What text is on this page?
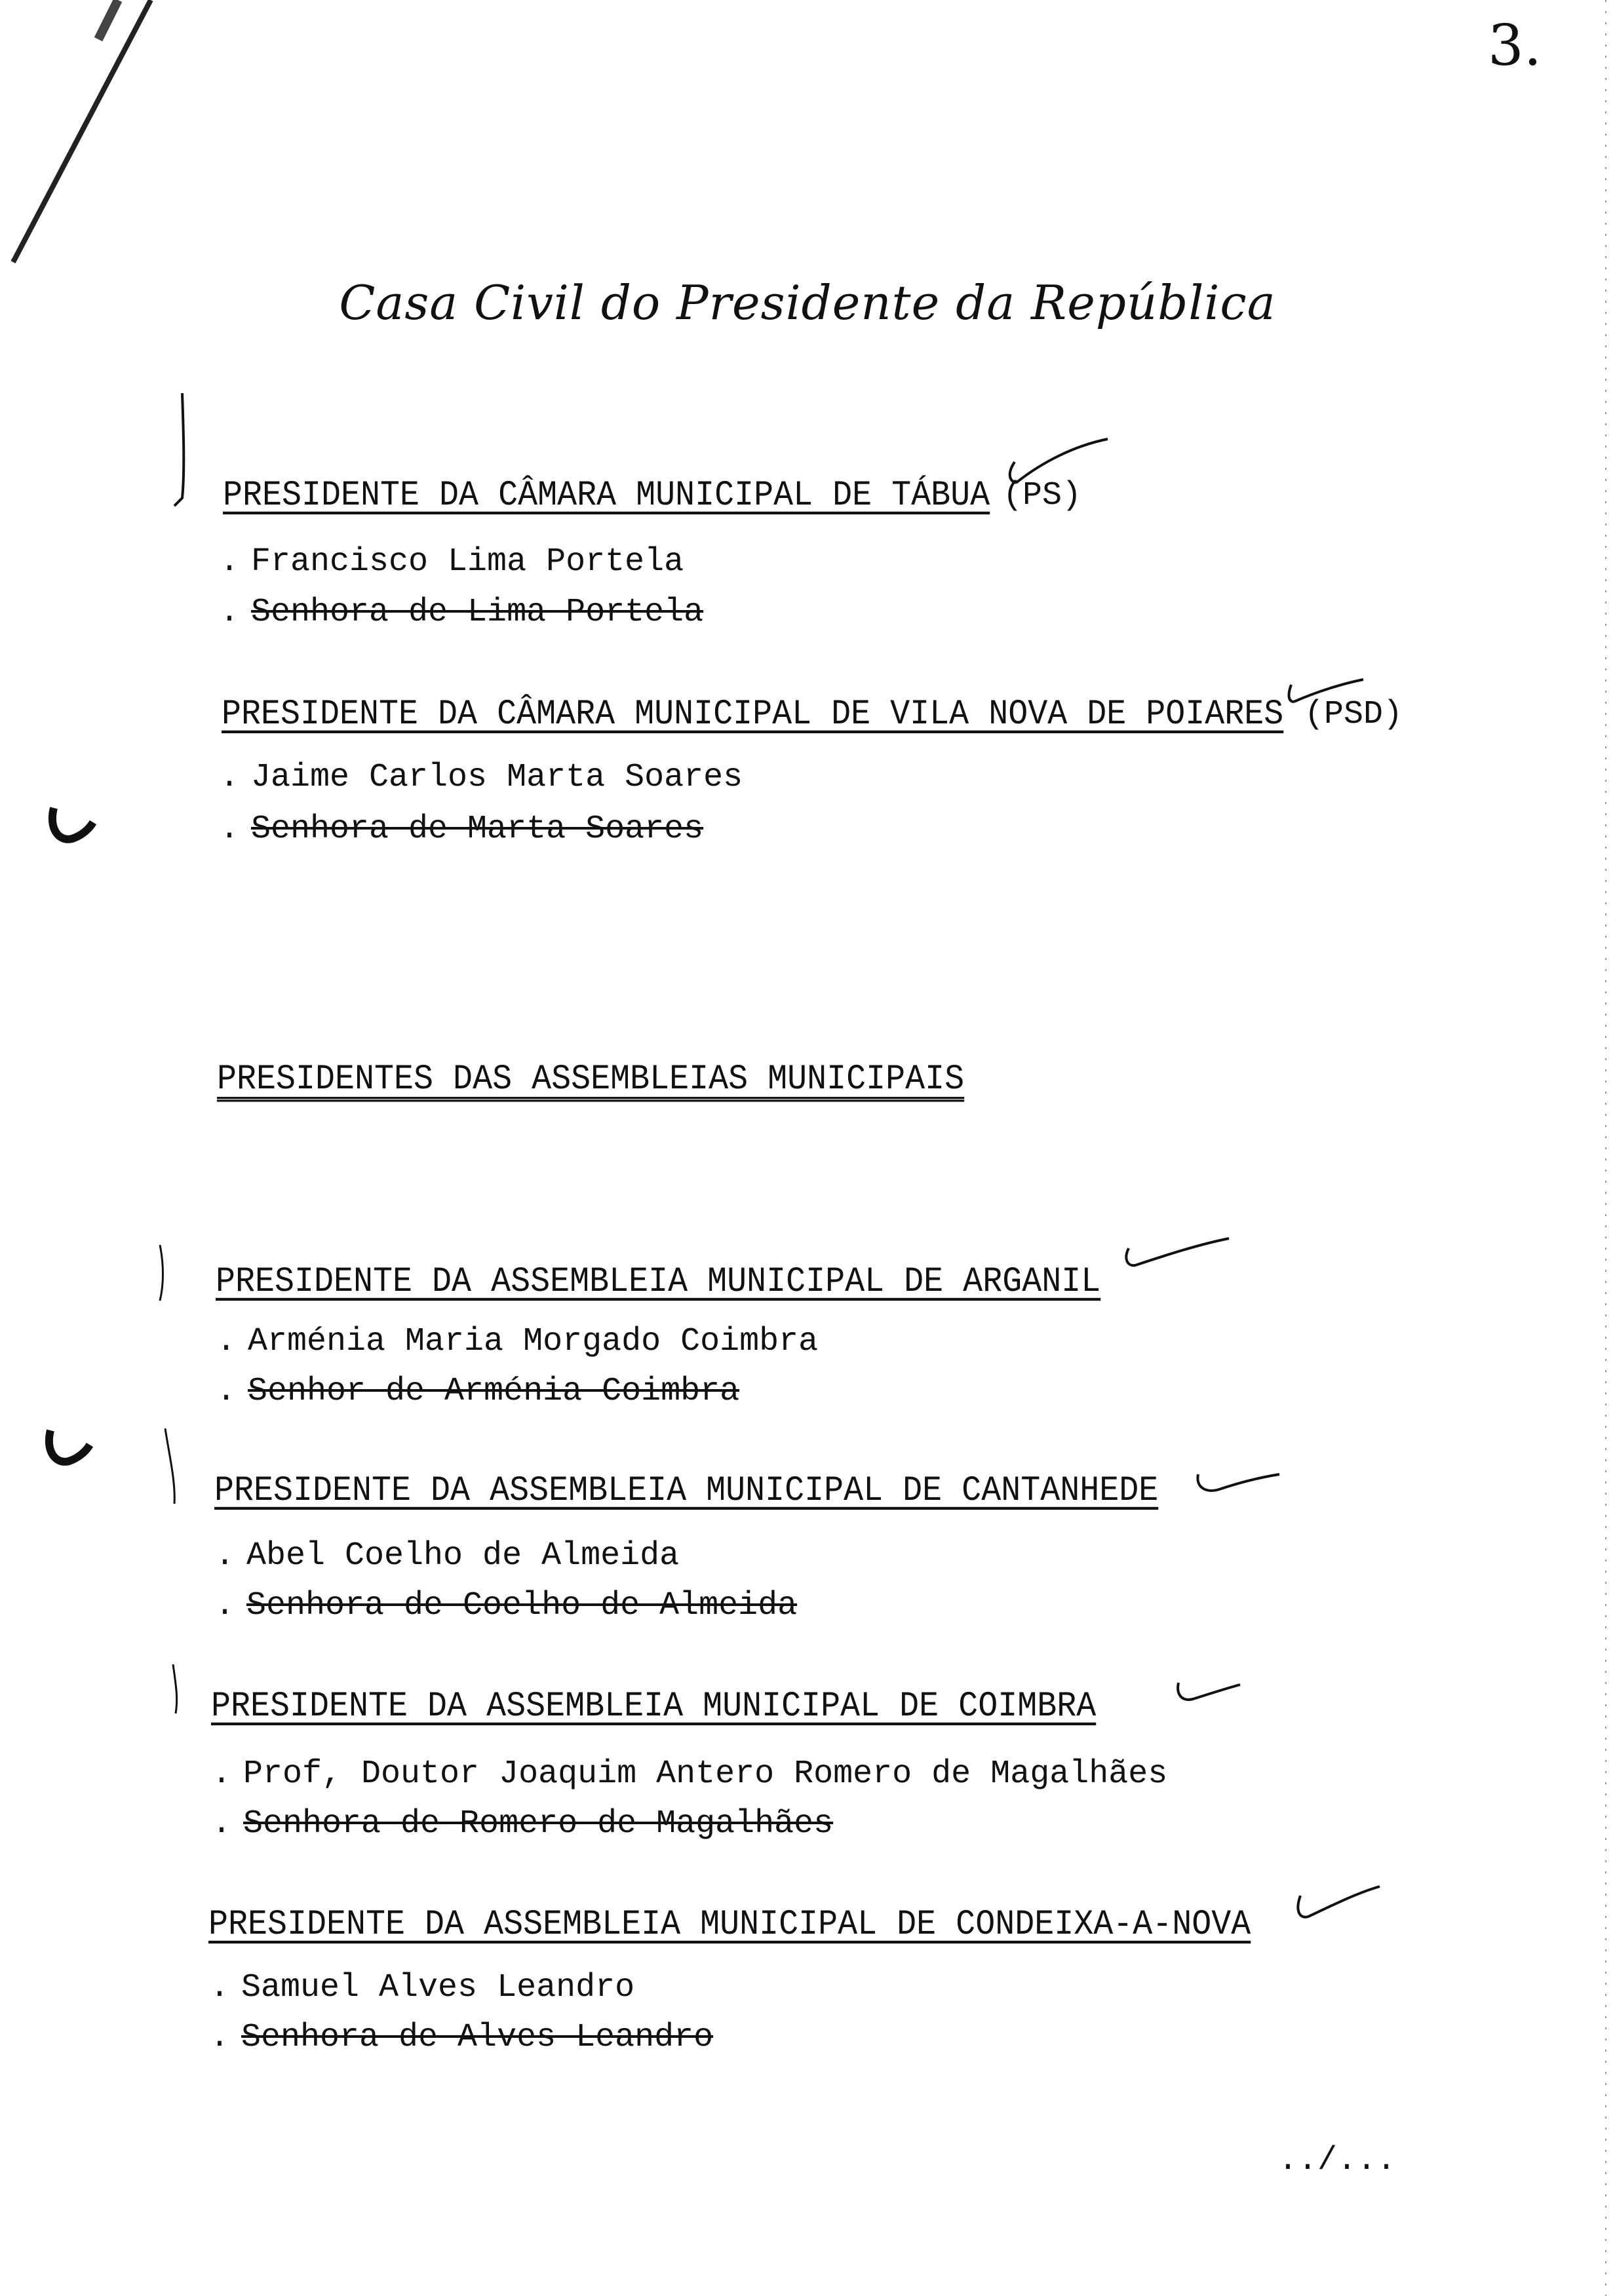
3.
Casa Civil do Presidente da República
PRESIDENTE DA CÂMARA MUNICIPAL DE TÁBUA (PS)
. Francisco Lima Portela
. Senhora de Lima Portela
PRESIDENTE DA CÂMARA MUNICIPAL DE VILA NOVA DE POIARES (PSD)
. Jaime Carlos Marta Soares
. Senhora de Marta Soares
PRESIDENTES DAS ASSEMBLEIAS MUNICIPAIS
PRESIDENTE DA ASSEMBLEIA MUNICIPAL DE ARGANIL
. Arménia Maria Morgado Coimbra
. Senhor de Arménia Coimbra
PRESIDENTE DA ASSEMBLEIA MUNICIPAL DE CANTANHEDE
. Abel Coelho de Almeida
. Senhora de Coelho de Almeida
PRESIDENTE DA ASSEMBLEIA MUNICIPAL DE COIMBRA
. Prof, Doutor Joaquim Antero Romero de Magalhães
. Senhora de Romero de Magalhães
PRESIDENTE DA ASSEMBLEIA MUNICIPAL DE CONDEIXA-A-NOVA
. Samuel Alves Leandro
. Senhora de Alves Leandro
../...
